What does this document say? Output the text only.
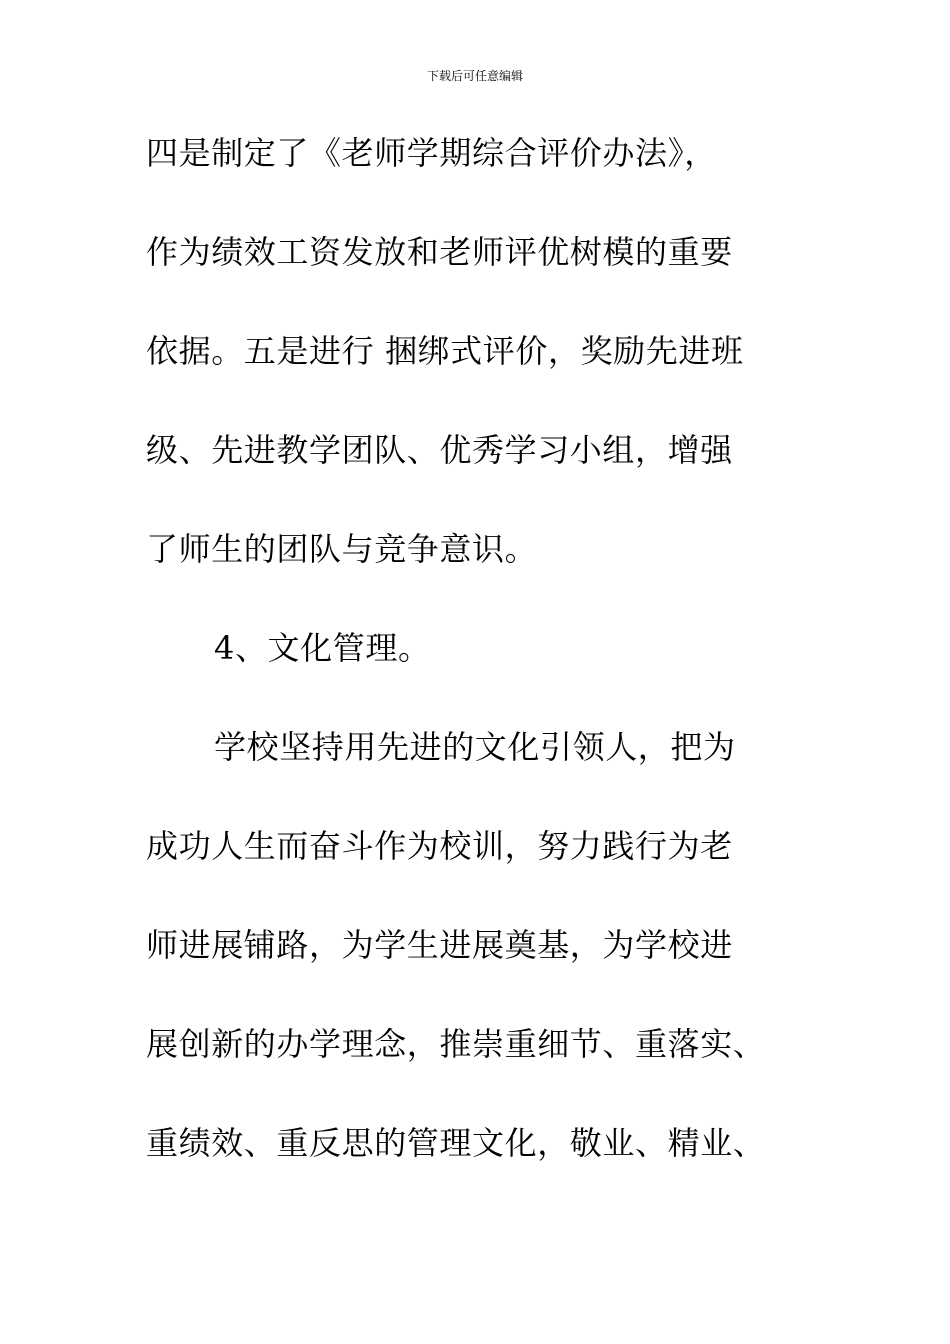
下载后可任意编辑
四是制定了《老师学期综合评价办法》，
作为绩效工资发放和老师评优树模的重要
依据。五是进行 捆绑式评价，奖励先进班
级、先进教学团队、优秀学习小组，增强
了师生的团队与竞争意识。
4、文化管理。
学校坚持用先进的文化引领人，把为
成功人生而奋斗作为校训，努力践行为老
师进展铺路，为学生进展奠基，为学校进
展创新的办学理念，推崇重细节、重落实、
重绩效、重反思的管理文化，敬业、精业、
